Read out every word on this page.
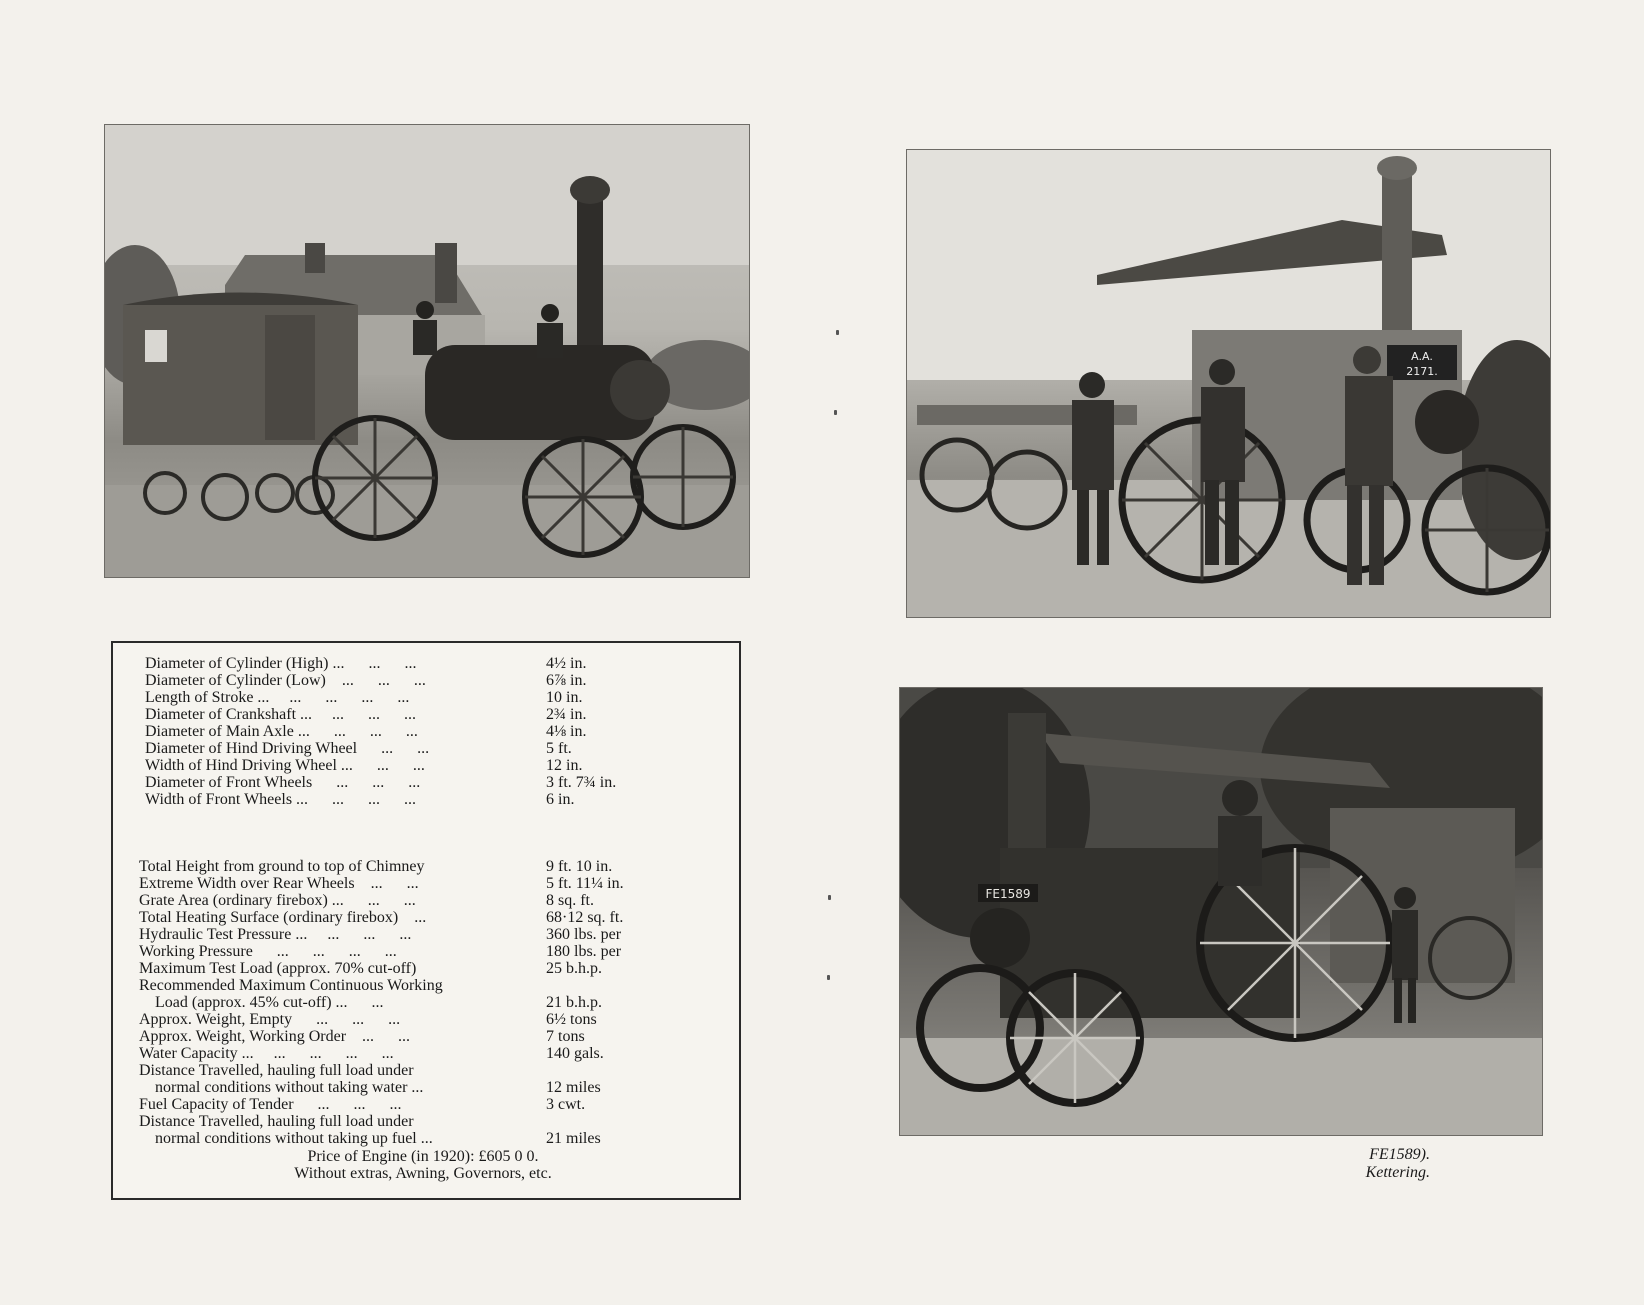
A.A.
2171.
FE1589
Diameter of Cylinder (High) ...      ...      ...	4½ in.
Diameter of Cylinder (Low)    ...      ...      ...	6⅞ in.
Length of Stroke ...     ...      ...      ...      ...	10 in.
Diameter of Crankshaft ...     ...      ...      ...	2¾ in.
Diameter of Main Axle ...      ...      ...      ...	4⅛ in.
Diameter of Hind Driving Wheel      ...      ...	5 ft.
Width of Hind Driving Wheel ...      ...      ...	12 in.
Diameter of Front Wheels      ...      ...      ...	3 ft. 7¾ in.
Width of Front Wheels ...      ...      ...      ...	6 in.
Total Height from ground to top of Chimney	9 ft. 10 in.
Extreme Width over Rear Wheels    ...      ...	5 ft. 11¼ in.
Grate Area (ordinary firebox) ...      ...      ...	8 sq. ft.
Total Heating Surface (ordinary firebox)    ...	68·12 sq. ft.
Hydraulic Test Pressure ...     ...      ...      ...	360 lbs. per
Working Pressure      ...      ...      ...      ...	180 lbs. per
Maximum Test Load (approx. 70% cut-off)	25 b.h.p.
Recommended Maximum Continuous Working
Load (approx. 45% cut-off) ...      ...	21 b.h.p.
Approx. Weight, Empty      ...      ...      ...	6½ tons
Approx. Weight, Working Order    ...      ...	7 tons
Water Capacity ...     ...      ...      ...      ...	140 gals.
Distance Travelled, hauling full load under
normal conditions without taking water ...	12 miles
Fuel Capacity of Tender      ...      ...      ...	3 cwt.
Distance Travelled, hauling full load under
normal conditions without taking up fuel ...	21 miles
Price of Engine (in 1920): £605 0 0.
Without extras, Awning, Governors, etc.
FE1589).
Kettering.
